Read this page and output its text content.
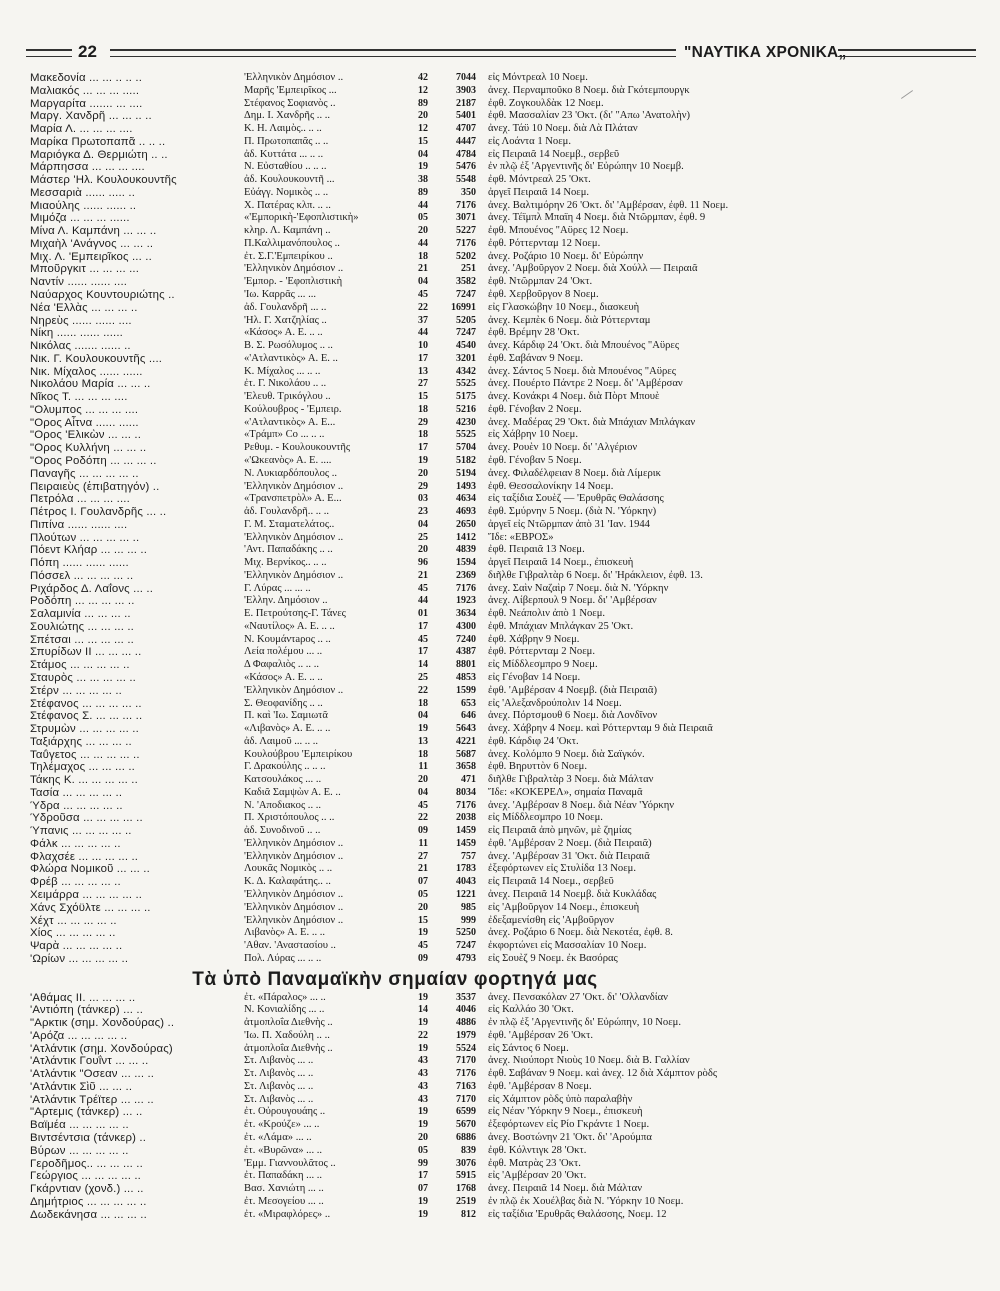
22	"ΝΑΥΤΙΚΑ ΧΡΟΝΙΚΑ„
Μακεδονία ... ... .. .. ..	'Ελληνικὸν Δημόσιον ..	42	7044 εἰς Μόντρεαλ 10 Νοεμ.
Μαλιακός ... ... ... .....	Μαρῆς 'Εμπειρῖκος ...	12	3903 ἀνεχ. Περναμποῦκο 8 Νοεμ. διὰ Γκότεμπουργκ
Μαργαρίτα ....... ... ....	Στέφανος Σοφιανὸς ..	89	2187 ἐφθ. Ζογκουλδὰκ 12 Νοεμ.
Μαργ. Χανδρῆ ... ... .. ..	Δημ. Ι. Χανδρῆς .. ..	20	5401 ἐφθ. Μασσαλίαν 23 'Οκτ. (δι' "Απω 'Ανατολὴν)
Μαρία Λ. ... ... ... ....	Κ. Η. Λαιμὸς.. .. ..	12	4707 ἀνεχ. Τάϋ 10 Νοεμ. διὰ Λὰ Πλάταν
Μαρίκα Πρωτοπαπᾶ .. .. ..	Π. Πρωτοπαπᾶς .. ..	15	4447 εἰς Λοάντα 1 Νοεμ.
Μαριόγκα Δ. Θερμιώτη .. ..	ἀδ. Κυττάτα ... .. ..	04	4784 εἰς Πειραιᾶ 14 Νοεμβ., σερβεῦ
Μάρπησσα ... ... ... ....	Ν. Εὐσταθίου .. .. ..	19	5476 ἐν πλῷ ἐξ 'Αργεντινῆς δι' Εὐρώπην 10 Νοεμβ.
Μάστερ 'Ηλ. Κουλουκουντῆς	ἀδ. Κουλουκουντῆ ...	38	5548 ἐφθ. Μόντρεαλ 25 'Οκτ.
Μεσσαριὰ ...... ..... ..	Εὐάγγ. Νομικὸς .. ..	89	350 ἀργεῖ Πειραιᾶ 14 Νοεμ.
Μιαούλης ...... ...... ..	Χ. Πατέρας κλπ. .. ..	44	7176 ἀνεχ. Βαλτιμόρην 26 'Οκτ. δι' 'Αμβέρσαν, ἐφθ. 11 Νοεμ.
Μιμόζα ... ... ... ......	«'Εμπορικὴ-'Εφοπλιστικὴ»	05	3071 ἀνεχ. Τέϊμπλ Μπαϊη 4 Νοεμ. διὰ Ντῶρμπαν, ἐφθ. 9
Μίνα Λ. Καμπάνη ... ... ..	κληρ. Λ. Καμπάνη ..	20	5227 ἐφθ. Μπουένος "Αϋρες 12 Νοεμ.
Μιχαὴλ 'Ανάγνος ... ... ..	Π.Καλλιμανόπουλος ..	44	7176 ἐφθ. Ρόττερνταμ 12 Νοεμ.
Μιχ. Λ. 'Εμπειρῖκος ... ..	ἐτ. Σ.Γ.'Εμπειρίκου ..	18	5202 ἀνεχ. Ροζάριο 10 Νοεμ. δι' Εὐρώπην
Μποῦργκιτ ... ... ... ...	'Ελληνικὸν Δημόσιον ..	21	251 ἀνεχ. 'Αμβοῦργον 2 Νοεμ. διὰ Χούλλ — Πειραιᾶ
Ναντίν ...... ...... ....	'Εμπορ. - 'Εφοπλιστικὴ	04	3582 ἐφθ. Ντῶρμπαν 24 'Οκτ.
Ναύαρχος Κουντουριώτης ..	'Ιω. Καρρᾶς ... ...	45	7247 ἐφθ. Χερβοῦργον 8 Νοεμ.
Νέα 'Ελλὰς ... ... ... ..	ἀδ. Γουλανδρῆ ... ..	22	16991 εἰς Γλασκώβην 10 Νοεμ., διασκευὴ
Νηρεὺς ...... ...... ....	'Ηλ. Γ. Χατζηλίας ..	37	5205 ἀνεχ. Κεμπὲκ 6 Νοεμ. διὰ Ρόττερνταμ
Νίκη ...... ...... ......	«Κάσος» Α. Ε. .. ..	44	7247 ἐφθ. Βρέμην 28 'Οκτ.
Νικόλας ....... ...... ..	Β. Σ. Ρωσόλυμος .. ..	10	4540 ἀνεχ. Κάρδιφ 24 'Οκτ. διὰ Μπουένος "Αϋρες
Νικ. Γ. Κουλουκουντῆς ....	«'Ατλαντικὸς» Α. Ε. ..	17	3201 ἐφθ. Σαβάναν 9 Νοεμ.
Νικ. Μίχαλος ...... ......	Κ. Μίχαλος ... .. ..	13	4342 ἀνεχ. Σάντος 5 Νοεμ. διὰ Μπουένος "Αϋρες
Νικολάου Μαρία ... ... ..	ἐτ. Γ. Νικολάου .. ..	27	5525 ἀνεχ. Πουέρτο Πάντρε 2 Νοεμ. δι' 'Αμβέρσαν
Νῖκος Τ. ... ... ... ....	'Ελευθ. Τρικόγλου ..	15	5175 ἀνεχ. Κονάκρι 4 Νοεμ. διὰ Πὸρτ Μπουὲ
"Ολυμπος ... ... ... ....	Κούλουβρος - 'Εμπειρ.	18	5216 ἐφθ. Γένοβαν 2 Νοεμ.
"Ορος Αἶτνα ...... ......	«'Ατλαντικὸς» Α. Ε...	29	4230 ἀνεχ. Μαδέρας 29 'Οκτ. διὰ Μπάχιαν Μπλάγκαν
"Ορος 'Ελικὼν ... ... ..	«Τράμπ» Co ... .. ..	18	5525 εἰς Χάβρην 10 Νοεμ.
"Ορος Κυλλήνη ... ... ..	Ρεθυμ. - Κουλουκουντῆς	17	5704 ἀνεχ. Ρουὲν 10 Νοεμ. δι' 'Αλγέριον
"Ορος Ροδόπη ... ... ... ..	«'Ωκεανὸς» Α. Ε. ....	19	5182 ἐφθ. Γένοβαν 5 Νοεμ.
Παναγῆς ... ... ... ... ..	Ν. Λυκιαρδόπουλος ..	20	5194 ἀνεχ. Φιλαδέλφειαν 8 Νοεμ. διὰ Λίμερικ
Πειραιεὺς (ἐπιβατηγόν) ..	'Ελληνικὸν Δημόσιον ..	29	1493 ἐφθ. Θεσσαλονίκην 14 Νοεμ.
Πετρόλα ... ... ... ....	«Τρανσπετρὸλ» Α. Ε...	03	4634 εἰς ταξίδια Σουὲζ — 'Ερυθρᾶς Θαλάσσης
Πέτρος Ι. Γουλανδρῆς ... ..	ἀδ. Γουλανδρῆ.. .. ..	23	4693 ἐφθ. Σμύρνην 5 Νοεμ. (διὰ Ν. 'Υόρκην)
Πιπίνα ...... ...... ....	Γ. Μ. Σταματελάτος..	04	2650 ἀργεῖ εἰς Ντῶρμπαν ἀπὸ 31 'Ιαν. 1944
Πλούτων ... ... ... ... ..	'Ελληνικὸν Δημόσιον ..	25	1412 Ἴδε: «ΕΒΡΟΣ»
Πόεντ Κλήαρ ... ... ... ..	'Αντ. Παπαδάκης .. ..	20	4839 ἐφθ. Πειραιᾶ 13 Νοεμ.
Πόπη ...... ...... ......	Μιχ. Βερνίκος.. .. ..	96	1594 ἀργεῖ Πειραιᾶ 14 Νοεμ., ἐπισκευὴ
Πόσσελ ... ... ... ... ..	'Ελληνικὸν Δημόσιον ..	21	2369 διῆλθε Γιβραλτὰρ 6 Νοεμ. δι' 'Ηράκλειον, ἐφθ. 13.
Ριχάρδος Δ. Λαΐονς ... ..	Γ. Λύρας ... ... ..	45	7176 ἀνεχ. Σαὶν Ναζαὶρ 7 Νοεμ. διὰ Ν. 'Υόρκην
Ροδόπη ... ... ... ... ..	'Ελλην. Δημόσιον ..	44	1923 ἀνεχ. Λίβερπουλ 9 Νοεμ. δι' 'Αμβέρσαν
Σαλαμινία ... ... ... ..	Ε. Πετρούτσης-Γ. Τάνες	01	3634 ἐφθ. Νεάπολιν ἀπὸ 1 Νοεμ.
Σουλιώτης ... ... ... ..	«Ναυτίλος» Α. Ε. .. ..	17	4300 ἐφθ. Μπάχιαν Μπλάγκαν 25 'Οκτ.
Σπέτσαι ... ... ... ... ..	Ν. Κουμάντaρος .. ..	45	7240 ἐφθ. Χάβρην 9 Νοεμ.
Σπυρίδων ΙΙ ... ... ... ..	Λεία πολέμου ... ..	17	4387 ἐφθ. Ρόττερνταμ 2 Νοεμ.
Στάμος ... ... ... ... ..	Δ Φαφαλιὸς .. .. ..	14	8801 εἰς Μίδδλεσμπρο 9 Νοεμ.
Σταυρὸς ... ... ... ... ..	«Κάσος» Α. Ε. .. ..	25	4853 εἰς Γένοβαν 14 Νοεμ.
Στέρν ... ... ... ... ..	'Ελληνικὸν Δημόσιον ..	22	1599 ἐφθ. 'Αμβέρσαν 4 Νοεμβ. (διὰ Πειραιᾶ)
Στέφανος ... ... ... ... ..	Σ. Θεοφανίδης .. ..	18	653 εἰς 'Αλεξανδρούπολιν 14 Νοεμ.
Στέφανος Σ. ... ... ... ..	Π. καὶ 'Ιω. Σαμιωτᾶ	04	646 ἀνεχ. Πόρτσμουθ 6 Νοεμ. διὰ Λονδῖνον
Στρυμὼν ... ... ... ... ..	«Λιβανὸς» Α. Ε. .. ..	19	5643 ἀνεχ. Χάβρην 4 Νοεμ. καὶ Ρόττερνταμ 9 διὰ Πειραιᾶ
Ταξιάρχης ... ... ... ..	ἀδ. Λαιμοῦ ... .. ..	13	4221 ἐφθ. Κάρδιφ 24 'Οκτ.
Ταΰγετος ... ... ... ... ..	Κουλούβρου 'Εμπειρίκου	18	5687 ἀνεχ. Κολόμπο 9 Νοεμ. διὰ Σαϊγκόν.
Τηλέμαχος ... ... ... ..	Γ. Δρακούλης .. .. ..	11	3658 ἐφθ. Βηρυττὸν 6 Νοεμ.
Τάκης Κ. ... ... ... ... ..	Κατσουλάκος ... ..	20	471 διῆλθε Γιβραλτὰρ 3 Νοεμ. διὰ Μάλταν
Τασία ... ... ... ... ..	Καδιᾶ Σαμψὼν Α. Ε. ..	04	8034 Ἴδε: «ΚΟΚΕΡΕΛ», σημαία Παναμᾶ
Ύδρα ... ... ... ... ..	Ν. 'Αποδιακος .. ..	45	7176 ἀνεχ. 'Αμβέρσαν 8 Νοεμ. διὰ Νέαν 'Υόρκην
Ύδροῦσα ... ... ... ... ..	Π. Χριστόπουλος .. ..	22	2038 εἰς Μίδδλεσμπρο 10 Νοεμ.
Ύπανις ... ... ... ... ..	ἀδ. Συνοδινοῦ .. ..	09	1459 εἰς Πειραιᾶ ἀπὸ μηνῶν, μὲ ζημίας
Φάλκ ... ... ... ... ..	'Ελληνικὸν Δημόσιον ..	11	1459 ἐφθ. 'Αμβέρσαν 2 Νοεμ. (διὰ Πειραιᾶ)
Φλαχσέε ... ... ... ... ..	'Ελληνικὸν Δημόσιον ..	27	757 ἀνεχ. 'Αμβέρσαν 31 'Οκτ. διὰ Πειραιᾶ
Φλώρα Νομικοῦ ... ... ..	Λουκᾶς Νομικὸς .. ..	21	1783 ἐξεφόρτωνεν εἰς Στυλίδα 13 Νοεμ.
Φρέβ ... ... ... ... ..	Κ. Δ. Καλαφάτης.. ..	07	4043 εἰς Πειραιᾶ 14 Νοεμ., σερβεῦ
Χειμάρρα ... ... ... ... ..	'Ελληνικὸν Δημόσιον ..	05	1221 ἀνεχ. Πειραιᾶ 14 Νοεμβ. διὰ Κυκλάδας
Χάνς Σχόϋλτε ... ... ... ..	'Ελληνικὸν Δημόσιον ..	20	985 εἰς 'Αμβοῦργον 14 Νοεμ., ἐπισκευὴ
Χέχτ ... ... ... ... ..	'Ελληνικὸν Δημόσιον ..	15	999 ἐδεξαμενίσθη εἰς 'Αμβοῦργον
Χίος ... ... ... ... ..	Λιβανὸς» Α. Ε. .. ..	19	5250 ἀνεχ. Ροζάριο 6 Νοεμ. διὰ Νεκοτέα, ἐφθ. 8.
Ψαρὰ ... ... ... ... ..	'Αθαν. 'Αναστασίου ..	45	7247 ἐκφορτώνει εἰς Μασσαλίαν 10 Νοεμ.
'Ωρίων ... ... ... ... ..	Πολ. Λύρας ... .. ..	09	4793 εἰς Σουὲζ 9 Νοεμ. ἐκ Βασόρας
Τὰ ὑπὸ Παναμαϊκὴν σημαίαν φορτηγά μας
'Αθάμας ΙΙ. ... ... ... ..	ἐτ. «Πάραλος» ... ..	19	3537 ἀνεχ. Πενσακόλαν 27 'Οκτ. δι' 'Ολλανδίαν
'Αντιόπη (τάνκερ) ... ..	Ν. Κονιαλίδης ... ..	14	4046 εἰς Καλλάο 30 'Οκτ.
"Αρκτικ (σημ. Χονδούρας) ..	ἀτμοπλοΐα Διεθνὴς ..	19	4886 ἐν πλῷ ἐξ 'Αργεντινῆς δι' Εὐρώπην, 10 Νοεμ.
'Αρόζα ... ... ... ... ..	'Ιω. Π. Χαδούλη .. ..	22	1979 ἐφθ. 'Αμβέρσαν 26 'Οκτ.
'Ατλάντικ (σημ. Χονδούρας)	ἀτμοπλοΐα Διεθνὴς ..	19	5524 εἰς Σάντος 6 Νοεμ.
'Ατλάντικ Γουΐντ ... ... ..	Στ. Λιβανὸς ... ..	43	7170 ἀνεχ. Νιούπορτ Νιοὺς 10 Νοεμ. διὰ Β. Γαλλίαν
'Ατλάντικ "Οσεαν ... ... ..	Στ. Λιβανὸς ... ..	43	7176 ἐφθ. Σαβάναν 9 Νοεμ. καὶ ἀνεχ. 12 διὰ Χάμπτον ρὸδς
'Ατλάντικ Σὶῦ ... ... ..	Στ. Λιβανὸς ... ..	43	7163 ἐφθ. 'Αμβέρσαν 8 Νοεμ.
'Ατλάντικ Τρέϊτερ ... ... ..	Στ. Λιβανὸς ... ..	43	7170 εἰς Χάμπτον ρὸδς ὑπὸ παραλαβὴν
"Αρτεμις (τάνκερ) ... ..	ἐτ. Οὐρουγουάης ..	19	6599 εἰς Νέαν 'Υόρκην 9 Νοεμ., ἐπισκευὴ
Βαϊμέα ... ... ... ... ..	ἐτ. «Κρούζε» ... ..	19	5670 ἐξεφόρτωνεν εἰς Ρίο Γκράντε 1 Νοεμ.
Βιντσέντσια (τάνκερ) ..	ἐτ. «Λάμα» ... ..	20	6886 ἀνεχ. Βοστώνην 21 'Οκτ. δι' 'Αρούμπα
Βύρων ... ... ... ... ..	ἐτ. «Βυρῶνα» ... ..	05	839 ἐφθ. Κόλντιγκ 28 'Οκτ.
Γεροδῆμος.. ... ... ... ..	'Εμμ. Γιαννουλᾶτος ..	99	3076 ἐφθ. Ματρὰς 23 'Οκτ.
Γεώργιος ... ... ... ... ..	ἐτ. Παπαδάκη ... ..	17	5915 εἰς 'Αμβέρσαν 20 'Οκτ.
Γκάρντιαν (χονδ.) ... ..	Βασ. Χανιώτη ... ..	07	1768 ἀνεχ. Πειραιᾶ 14 Νοεμ. διὰ Μάλταν
Δημήτριος ... ... ... ... ..	ἐτ. Μεσογείου ... ..	19	2519 ἐν πλῷ ἐκ Χουέλβας διὰ Ν. 'Υόρκην 10 Νοεμ.
Δωδεκάνησα ... ... ... ..	ἐτ. «Μιραφλόρες» ..	19	812 εἰς ταξίδια 'Ερυθρᾶς Θαλάσσης, Νοεμ. 12
